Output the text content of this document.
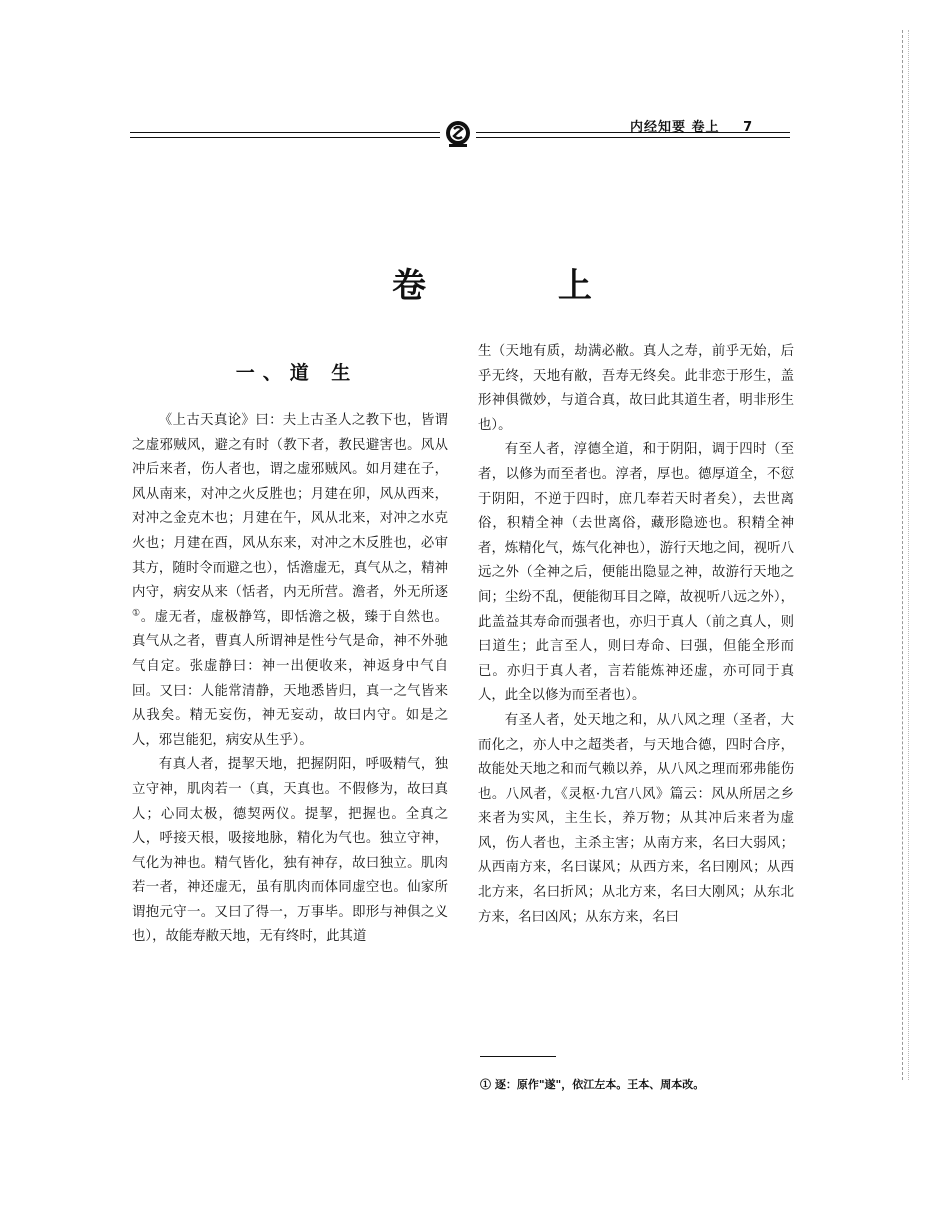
内经知要 卷上 7
卷 上
一、道 生

《上古天真论》曰：夫上古圣人之教下也，皆谓之虚邪贼风，避之有时（教下者，教民避害也。风从冲后来者，伤人者也，谓之虚邪贼风。如月建在子，风从南来，对冲之火反胜也；月建在卯，风从西来，对冲之金克木也；月建在午，风从北来，对冲之水克火也；月建在酉，风从东来，对冲之木反胜也，必审其方，随时令而避之也），恬澹虚无，真气从之，精神内守，病安从来（恬者，内无所营。澹者，外无所逐①。虚无者，虚极静笃，即恬澹之极，臻于自然也。真气从之者，曹真人所谓神是性兮气是命，神不外驰气自定。张虚静曰：神一出便收来，神返身中气自回。又曰：人能常清静，天地悉皆归，真一之气皆来从我矣。精无妄伤，神无妄动，故曰内守。如是之人，邪岂能犯，病安从生乎）。

有真人者，提挈天地，把握阴阳，呼吸精气，独立守神，肌肉若一（真，天真也。不假修为，故曰真人；心同太极，德契两仪。提挈，把握也。全真之人，呼接天根，吸接地脉，精化为气也。独立守神，气化为神也。精气皆化，独有神存，故曰独立。肌肉若一者，神还虚无，虽有肌肉而体同虚空也。仙家所谓抱元守一。又曰了得一，万事毕。即形与神俱之义也），故能寿敝天地，无有终时，此其道

生（天地有质，劫满必敝。真人之寿，前乎无始，后乎无终，天地有敝，吾寿无终矣。此非恋于形生，盖形神俱微妙，与道合真，故曰此其道生者，明非形生也）。

有至人者，淳德全道，和于阴阳，调于四时（至者，以修为而至者也。淳者，厚也。德厚道全，不愆于阴阳，不逆于四时，庶几奉若天时者矣），去世离俗，积精全神（去世离俗，藏形隐迹也。积精全神者，炼精化气，炼气化神也），游行天地之间，视听八远之外（全神之后，便能出隐显之神，故游行天地之间；尘纷不乱，便能彻耳目之障，故视听八远之外），此盖益其寿命而强者也，亦归于真人（前之真人，则曰道生；此言至人，则曰寿命、曰强，但能全形而已。亦归于真人者，言若能炼神还虚，亦可同于真人，此全以修为而至者也）。

有圣人者，处天地之和，从八风之理（圣者，大而化之，亦人中之超类者，与天地合德，四时合序，故能处天地之和而气赖以养，从八风之理而邪弗能伤也。八风者，《灵枢·九宫八风》篇云：风从所居之乡来者为实风，主生长，养万物；从其冲后来者为虚风，伤人者也，主杀主害；从南方来，名曰大弱风；从西南方来，名曰谋风；从西方来，名曰刚风；从西北方来，名曰折风；从北方来，名曰大刚风；从东北方来，名曰凶风；从东方来，名曰

① 逐：原作"遂"，依江左本。王本、周本改。
